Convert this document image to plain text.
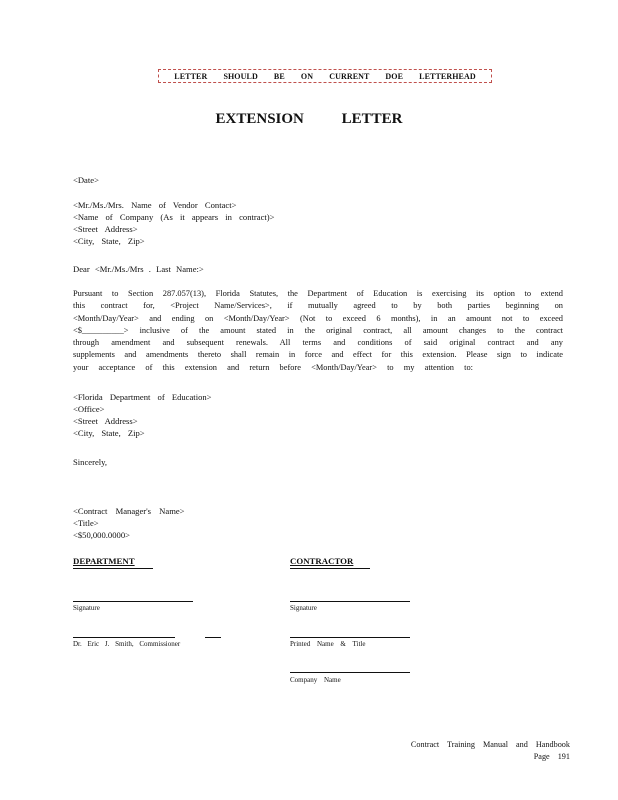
LETTER SHOULD BE ON CURRENT DOE LETTERHEAD
EXTENSION LETTER
<Date>
<Mr./Ms./Mrs. Name of Vendor Contact>
<Name of Company (As it appears in contract)>
<Street Address>
<City, State, Zip>
Dear <Mr./Ms./Mrs . Last Name:>
Pursuant to Section 287.057(13), Florida Statutes, the Department of Education is exercising its option to extend
this contract for, <Project Name/Services>, if mutually agreed to by both parties beginning on
<Month/Day/Year> and ending on <Month/Day/Year> (Not to exceed 6 months), in an amount not to exceed
<$__________> inclusive of the amount stated in the original contract, all amount changes to the contract
through amendment and subsequent renewals. All terms and conditions of said original contract and any
supplements and amendments thereto shall remain in force and effect for this extension. Please sign to indicate
your acceptance of this extension and return before <Month/Day/Year> to my attention to:
<Florida Department of Education>
<Office>
<Street Address>
<City, State, Zip>
Sincerely,
<Contract Manager's Name>
<Title>
<$50,000.0000>
DEPARTMENT
Signature
Dr. Eric J. Smith, Commissioner
CONTRACTOR
Signature
Printed Name & Title
Company Name
Contract Training Manual and Handbook
Page 191
